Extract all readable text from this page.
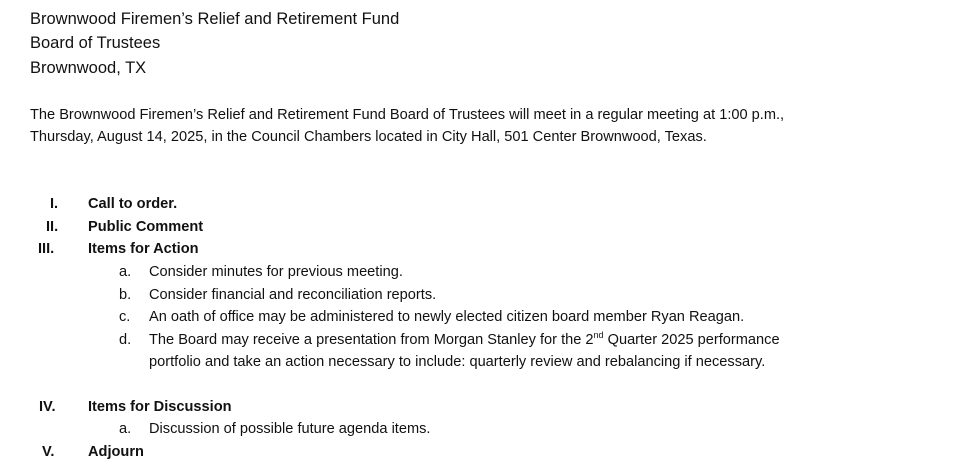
Brownwood Firemen’s Relief and Retirement Fund
Board of Trustees
Brownwood, TX
The Brownwood Firemen’s Relief and Retirement Fund Board of Trustees will meet in a regular meeting at 1:00 p.m.,
Thursday, August 14, 2025, in the Council Chambers located in City Hall, 501 Center Brownwood, Texas.
I. Call to order.
II. Public Comment
III. Items for Action
a. Consider minutes for previous meeting.
b. Consider financial and reconciliation reports.
c. An oath of office may be administered to newly elected citizen board member Ryan Reagan.
d. The Board may receive a presentation from Morgan Stanley for the 2nd Quarter 2025 performance
portfolio and take an action necessary to include: quarterly review and rebalancing if necessary.
IV. Items for Discussion
a. Discussion of possible future agenda items.
V. Adjourn
